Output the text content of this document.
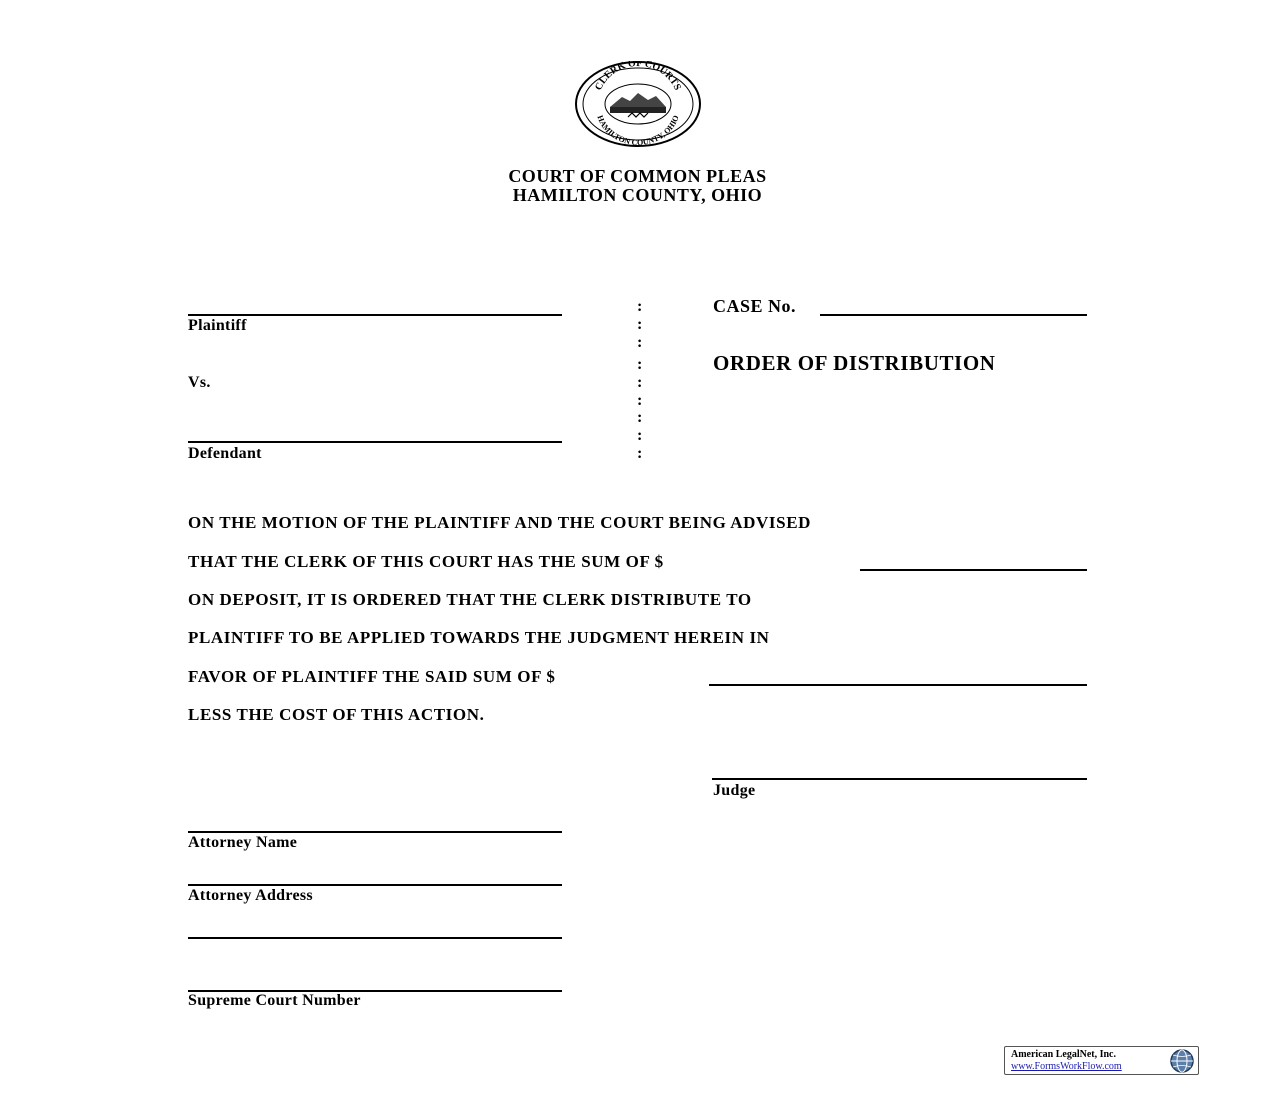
CLERK OF COURTS
HAMILTON COUNTY, OHIO
COURT OF COMMON PLEAS
HAMILTON COUNTY, OHIO
Plaintiff
Vs.
Defendant
:
:
:
:
:
:
:
:
:
CASE No.
ORDER OF DISTRIBUTION
ON THE MOTION OF THE PLAINTIFF AND THE COURT BEING ADVISED
THAT THE CLERK OF THIS COURT HAS THE SUM OF $
ON DEPOSIT, IT IS ORDERED THAT THE CLERK DISTRIBUTE TO
PLAINTIFF TO BE APPLIED TOWARDS THE JUDGMENT HEREIN IN
FAVOR OF PLAINTIFF THE SAID SUM OF $
LESS THE COST OF THIS ACTION.
Judge
Attorney Name
Attorney Address
Supreme Court Number
American LegalNet, Inc.
www.FormsWorkFlow.com
